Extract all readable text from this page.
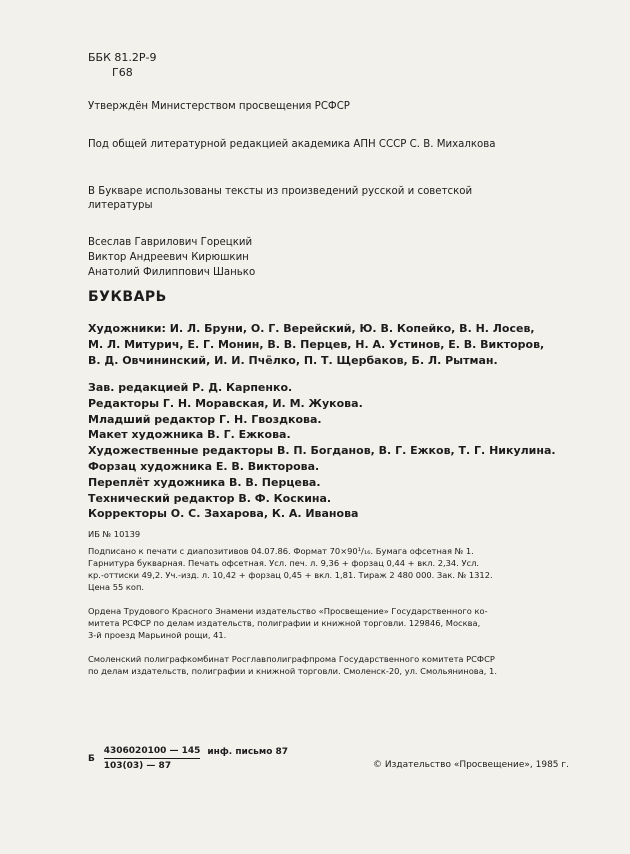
ББК 81.2Р-9
Г68
Утверждён Министерством просвещения РСФСР
Под общей литературной редакцией академика АПН СССР С. В. Михалкова
В Букваре использованы тексты из произведений русской и советской
литературы
Всеслав Гаврилович Горецкий
Виктор Андреевич Кирюшкин
Анатолий Филиппович Шанько
БУКВАРЬ
Художники: И. Л. Бруни, О. Г. Верейский, Ю. В. Копейко, В. Н. Лосев,
М. Л. Митурич, Е. Г. Монин, В. В. Перцев, Н. А. Устинов, Е. В. Викторов,
В. Д. Овчининский, И. И. Пчёлко, П. Т. Щербаков, Б. Л. Рытман.
Зав. редакцией Р. Д. Карпенко.
Редакторы Г. Н. Моравская, И. М. Жукова.
Младший редактор Г. Н. Гвоздкова.
Макет художника В. Г. Ежкова.
Художественные редакторы В. П. Богданов, В. Г. Ежков, Т. Г. Никулина.
Форзац художника Е. В. Викторова.
Переплёт художника В. В. Перцева.
Технический редактор В. Ф. Коскина.
Корректоры О. С. Захарова, К. А. Иванова
ИБ № 10139
Подписано к печати с диапозитивов 04.07.86. Формат 70×90¹/₁₆. Бумага офсетная № 1.
Гарнитура букварная. Печать офсетная. Усл. печ. л. 9,36 + форзац 0,44 + вкл. 2,34. Усл.
кр.-оттиски 49,2. Уч.-изд. л. 10,42 + форзац 0,45 + вкл. 1,81. Тираж 2 480 000. Зак. № 1312.
Цена 55 коп.
Ордена Трудового Красного Знамени издательство «Просвещение» Государственного ко-
митета РСФСР по делам издательств, полиграфии и книжной торговли. 129846, Москва,
3-й проезд Марьиной рощи, 41.
Смоленский полиграфкомбинат Росглавполиграфпрома Государственного комитета РСФСР
по делам издательств, полиграфии и книжной торговли. Смоленск-20, ул. Смольянинова, 1.
Б $\frac{4306020100 — 145}{103(03) — 87}$ инф. письмо 87
© Издательство «Просвещение», 1985 г.
